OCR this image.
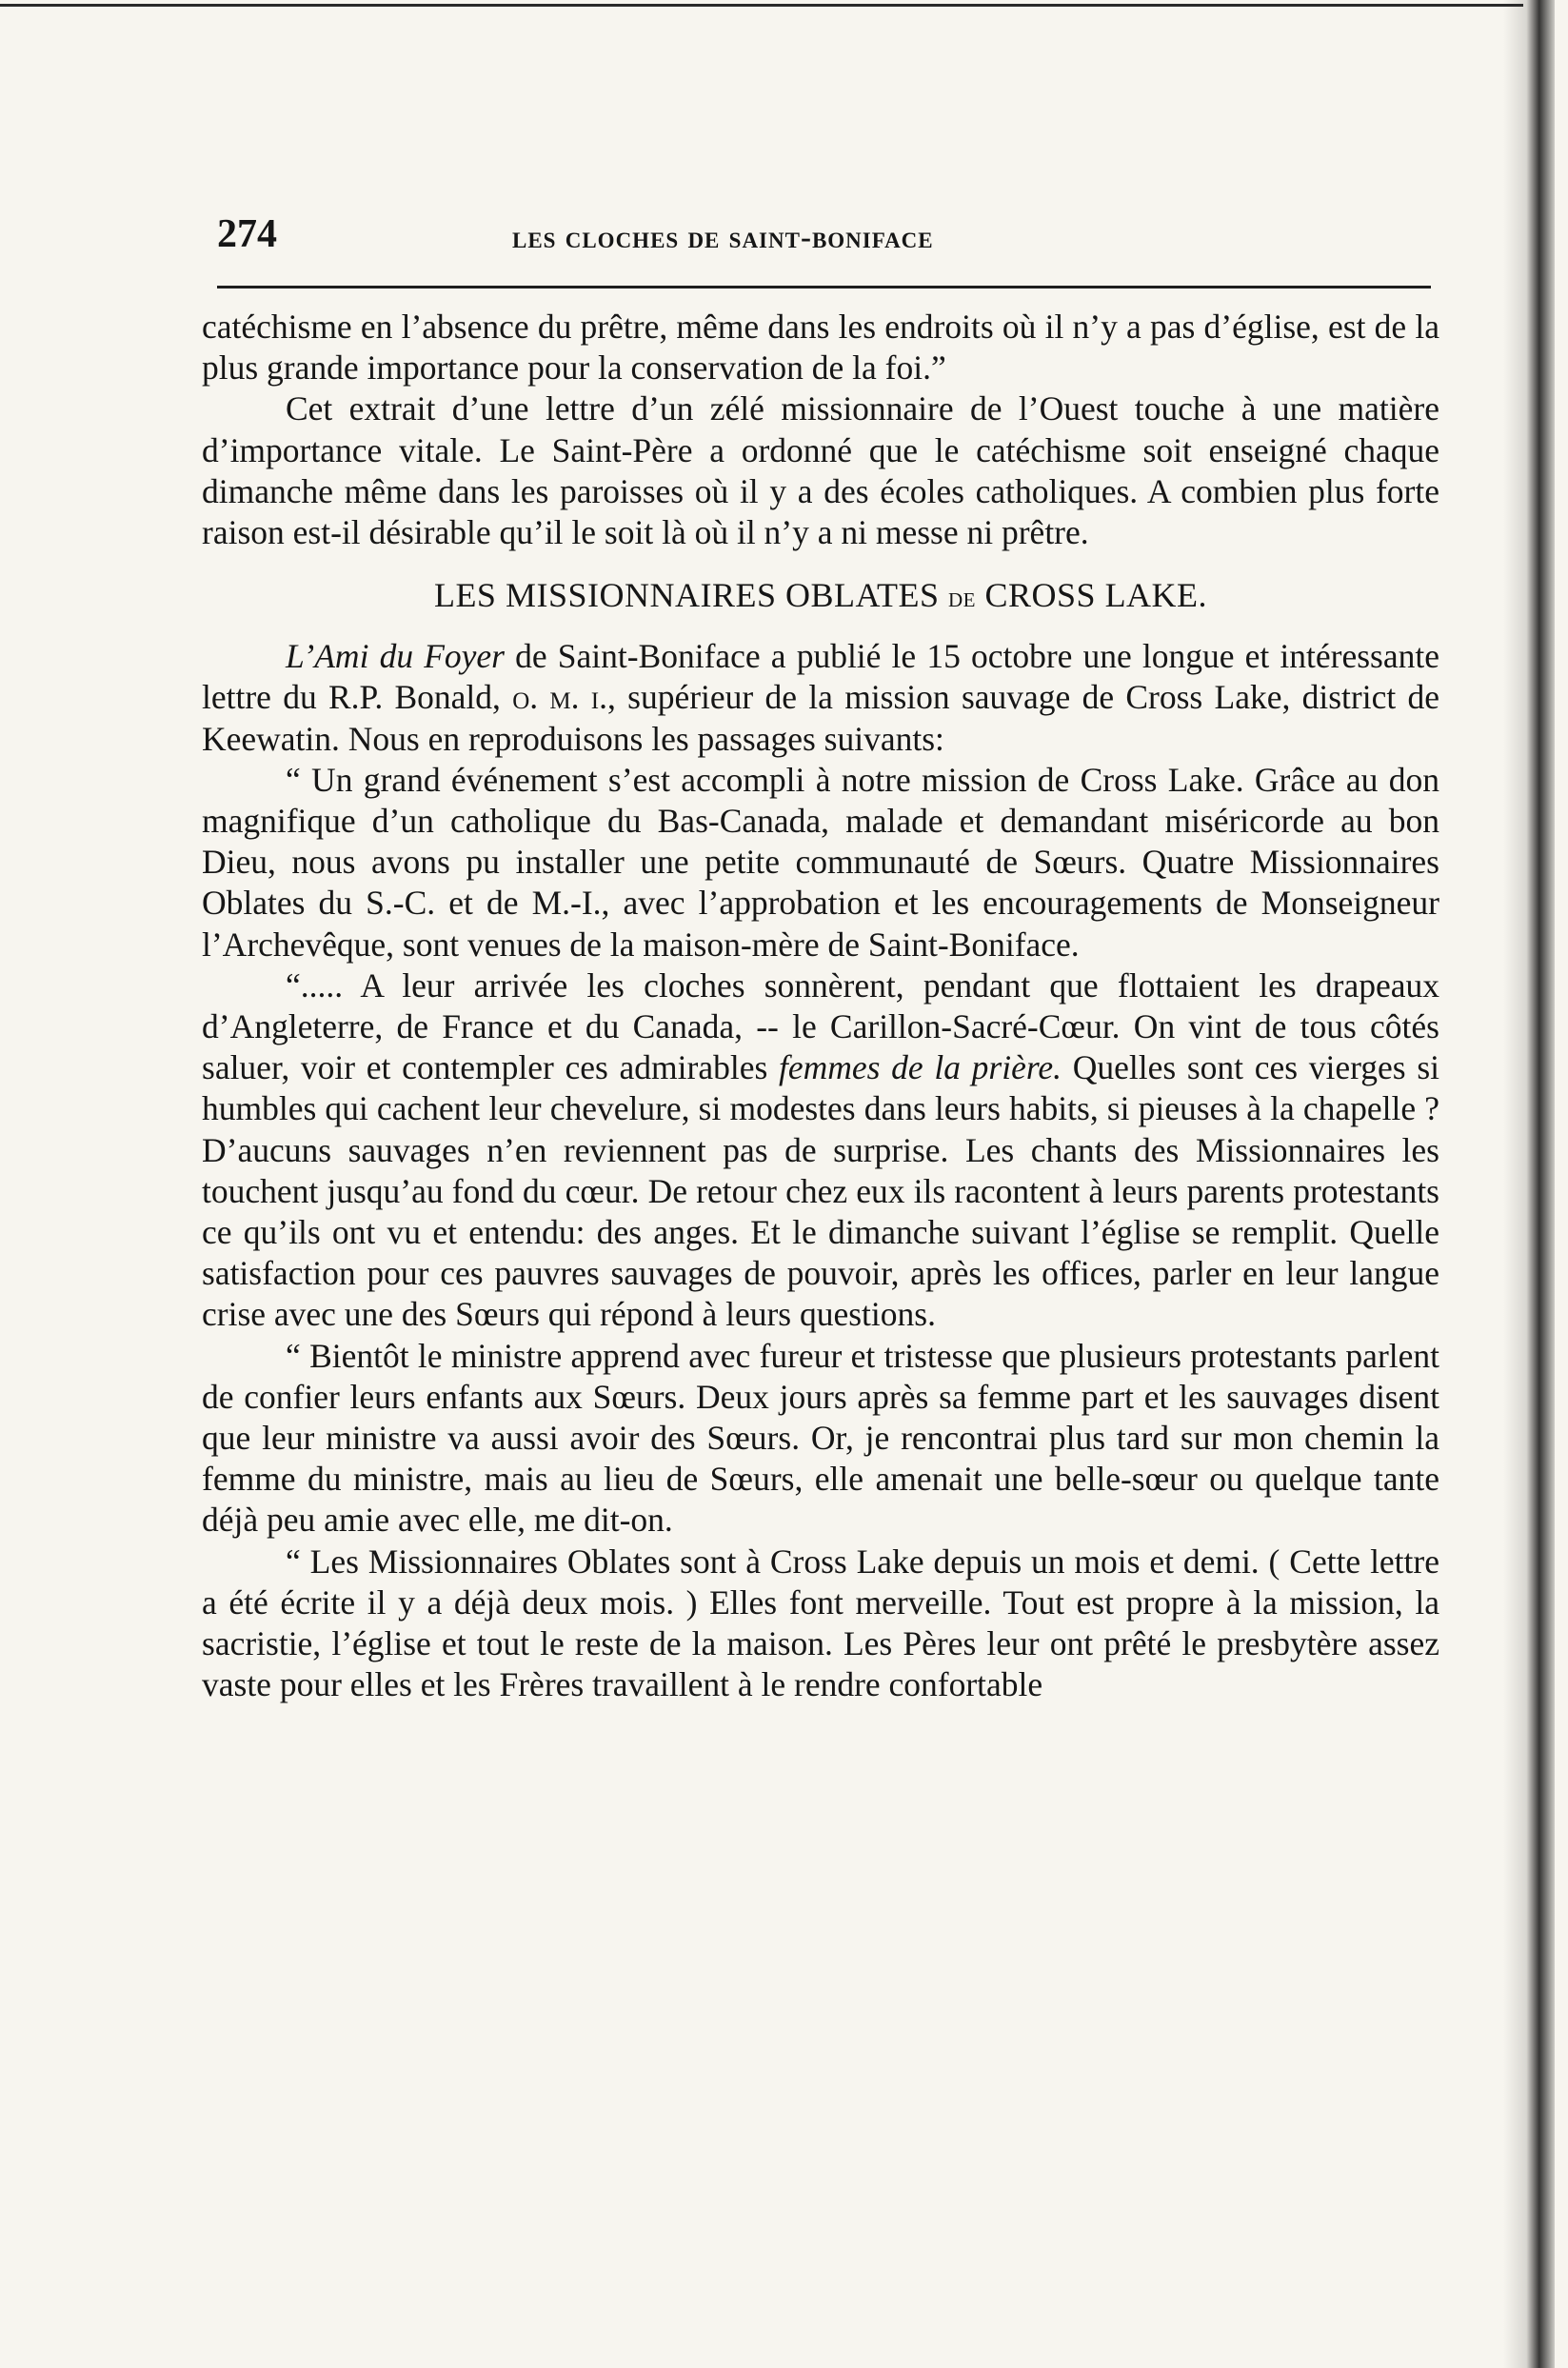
274	les cloches de saint-boniface

catéchisme en l’absence du prêtre, même dans les endroits où il n’y a pas d’église, est de la plus grande importance pour la conservation de la foi.”

Cet extrait d’une lettre d’un zélé missionnaire de l’Ouest touche à une matière d’importance vitale. Le Saint-Père a ordonné que le catéchisme soit enseigné chaque dimanche même dans les paroisses où il y a des écoles catholiques. A combien plus forte raison est-il désirable qu’il le soit là où il n’y a ni messe ni prêtre.

LES MISSIONNAIRES OBLATES de CROSS LAKE.

L’Ami du Foyer de Saint-Boniface a publié le 15 octobre une longue et intéressante lettre du R.P. Bonald, o. m. i., supérieur de la mission sauvage de Cross Lake, district de Keewatin. Nous en reproduisons les passages suivants:

“ Un grand événement s’est accompli à notre mission de Cross Lake. Grâce au don magnifique d’un catholique du Bas-Canada, malade et demandant miséricorde au bon Dieu, nous avons pu installer une petite communauté de Sœurs. Quatre Missionnaires Oblates du S.-C. et de M.-I., avec l’approbation et les encouragements de Monseigneur l’Archevêque, sont venues de la maison-mère de Saint-Boniface.

“..... A leur arrivée les cloches sonnèrent, pendant que flottaient les drapeaux d’Angleterre, de France et du Canada, -- le Carillon-Sacré-Cœur. On vint de tous côtés saluer, voir et contempler ces admirables femmes de la prière. Quelles sont ces vierges si humbles qui cachent leur chevelure, si modestes dans leurs habits, si pieuses à la chapelle ? D’aucuns sauvages n’en reviennent pas de surprise. Les chants des Missionnaires les touchent jusqu’au fond du cœur. De retour chez eux ils racontent à leurs parents protestants ce qu’ils ont vu et entendu: des anges. Et le dimanche suivant l’église se remplit. Quelle satisfaction pour ces pauvres sauvages de pouvoir, après les offices, parler en leur langue crise avec une des Sœurs qui répond à leurs questions.

“ Bientôt le ministre apprend avec fureur et tristesse que plusieurs protestants parlent de confier leurs enfants aux Sœurs. Deux jours après sa femme part et les sauvages disent que leur ministre va aussi avoir des Sœurs. Or, je rencontrai plus tard sur mon chemin la femme du ministre, mais au lieu de Sœurs, elle amenait une belle-sœur ou quelque tante déjà peu amie avec elle, me dit-on.

“ Les Missionnaires Oblates sont à Cross Lake depuis un mois et demi. ( Cette lettre a été écrite il y a déjà deux mois. ) Elles font merveille. Tout est propre à la mission, la sacristie, l’église et tout le reste de la maison. Les Pères leur ont prêté le presbytère assez vaste pour elles et les Frères travaillent à le rendre confortable
